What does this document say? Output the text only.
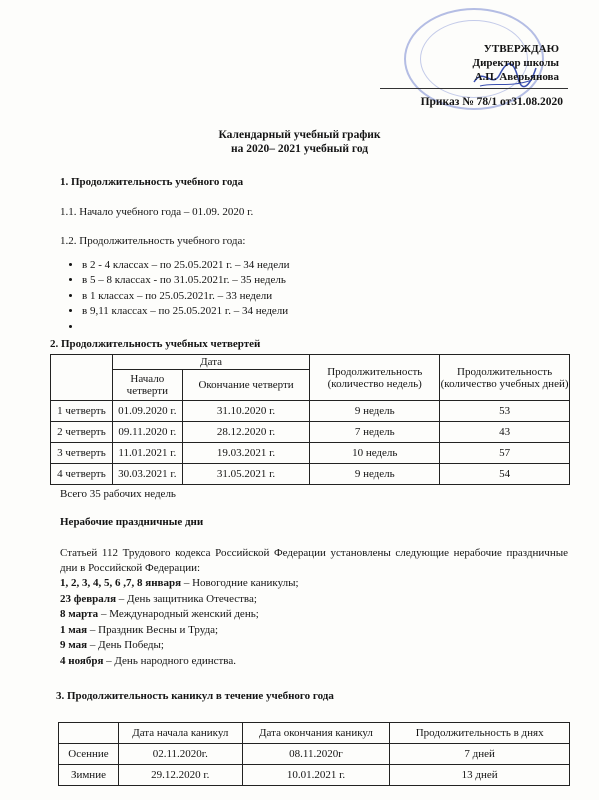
УТВЕРЖДАЮ
Директор школы
А.П. Аверьянова
Приказ № 78/1 от31.08.2020
Календарный учебный график
на 2020– 2021 учебный год
1. Продолжительность учебного года
1.1. Начало учебного года – 01.09. 2020 г.
1.2. Продолжительность учебного года:
• в 2 - 4 классах – по 25.05.2021 г. – 34 недели
• в 5 – 8 классах - по 31.05.2021г. – 35 недель
• в 1 классах – по 25.05.2021г. – 33 недели
• в 9,11 классах – по 25.05.2021 г. – 34 недели
•
2. Продолжительность учебных четвертей
	Дата		Продолжительность (количество недель)	Продолжительность (количество учебных дней)
	Начало четверти	Окончание четверти		
1 четверть	01.09.2020 г.	31.10.2020 г.	9 недель	53
2 четверть	09.11.2020 г.	28.12.2020 г.	7 недель	43
3 четверть	11.01.2021 г.	19.03.2021 г.	10 недель	57
4 четверть	30.03.2021 г.	31.05.2021 г.	9 недель	54
Всего 35 рабочих недель
Нерабочие праздничные дни
Статьей 112 Трудового кодекса Российской Федерации установлены следующие нерабочие праздничные дни в Российской Федерации:
1, 2, 3, 4, 5, 6 ,7, 8 января – Новогодние каникулы;
23 февраля – День защитника Отечества;
8 марта – Международный женский день;
1 мая – Праздник Весны и Труда;
9 мая – День Победы;
4 ноября – День народного единства.
3. Продолжительность каникул в течение учебного года
	Дата начала каникул	Дата окончания каникул	Продолжительность в днях
Осенние	02.11.2020г.	08.11.2020г	7 дней
Зимние	29.12.2020 г.	10.01.2021 г.	13 дней
